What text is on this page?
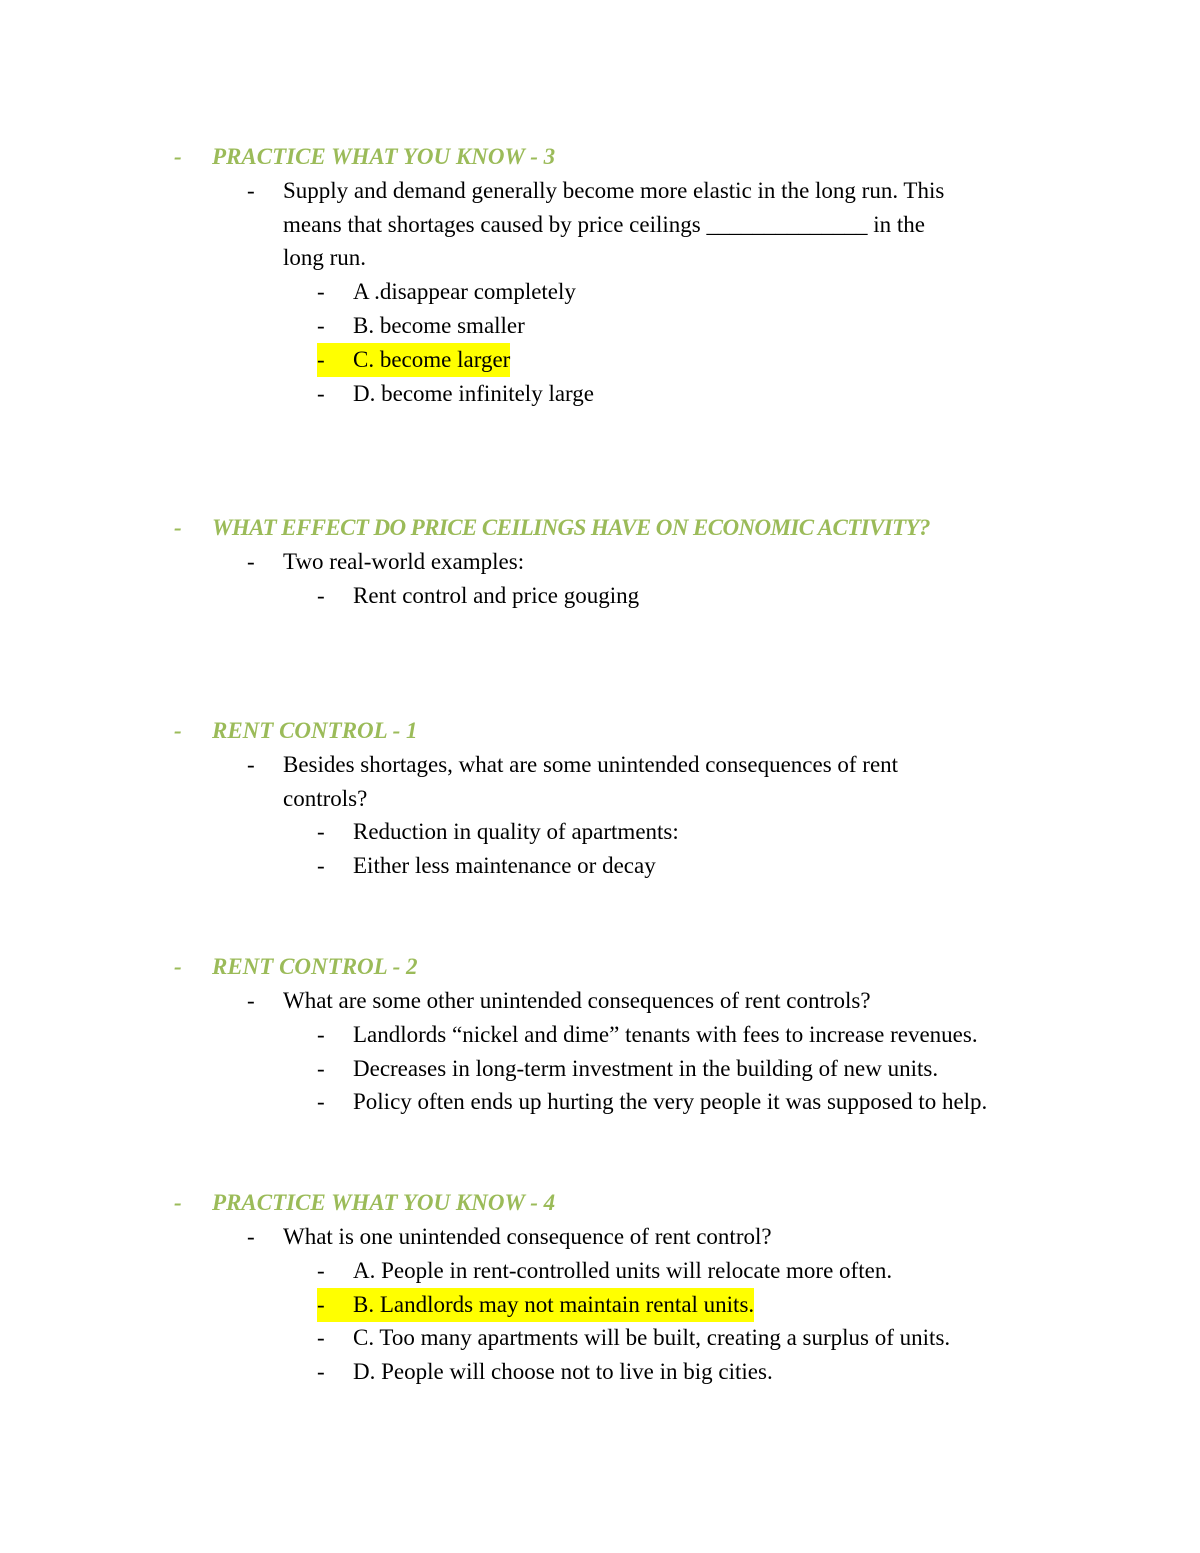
-	PRACTICE WHAT YOU KNOW - 3
-	Supply and demand generally become more elastic in the long run. This
means that shortages caused by price ceilings ______________ in the
long run.
-	A .disappear completely
-	B. become smaller
-	C. become larger
-	D. become infinitely large
-	WHAT EFFECT DO PRICE CEILINGS HAVE ON ECONOMIC ACTIVITY?
-	Two real-world examples:
-	Rent control and price gouging
-	RENT CONTROL - 1
-	Besides shortages, what are some unintended consequences of rent
controls?
-	Reduction in quality of apartments:
-	Either less maintenance or decay
-	RENT CONTROL - 2
-	What are some other unintended consequences of rent controls?
-	Landlords “nickel and dime” tenants with fees to increase revenues.
-	Decreases in long-term investment in the building of new units.
-	Policy often ends up hurting the very people it was supposed to help.
-	PRACTICE WHAT YOU KNOW - 4
-	What is one unintended consequence of rent control?
-	A. People in rent-controlled units will relocate more often.
-	B. Landlords may not maintain rental units.
-	C. Too many apartments will be built, creating a surplus of units.
-	D. People will choose not to live in big cities.
